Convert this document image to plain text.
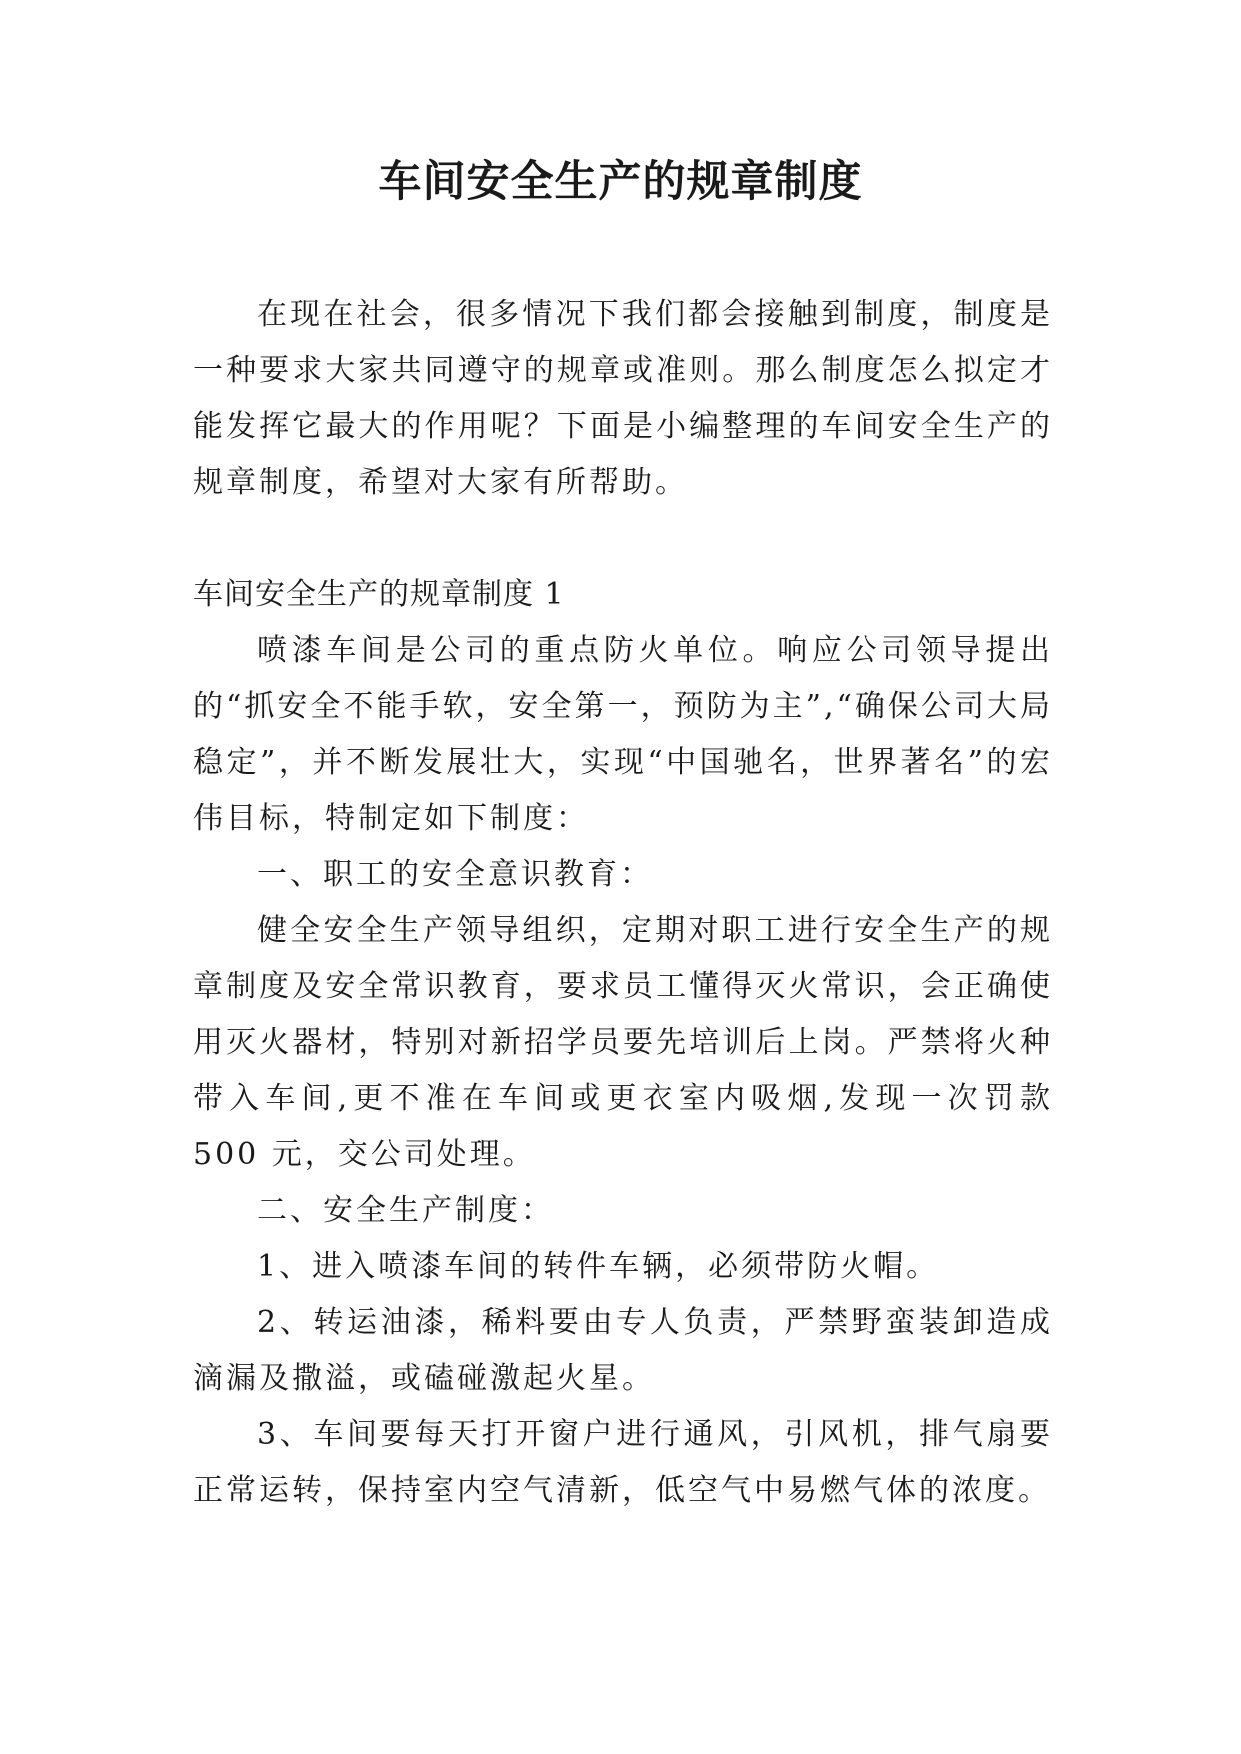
车间安全生产的规章制度

在现在社会，很多情况下我们都会接触到制度，制度是一种要求大家共同遵守的规章或准则。那么制度怎么拟定才能发挥它最大的作用呢？下面是小编整理的车间安全生产的规章制度，希望对大家有所帮助。

车间安全生产的规章制度 1

喷漆车间是公司的重点防火单位。响应公司领导提出的“抓安全不能手软，安全第一，预防为主”,“确保公司大局稳定”，并不断发展壮大，实现“中国驰名，世界著名”的宏伟目标，特制定如下制度：

一、职工的安全意识教育：

健全安全生产领导组织，定期对职工进行安全生产的规章制度及安全常识教育，要求员工懂得灭火常识，会正确使用灭火器材，特别对新招学员要先培训后上岗。严禁将火种带入车间,更不准在车间或更衣室内吸烟,发现一次罚款 500 元，交公司处理。

二、安全生产制度：

1、进入喷漆车间的转件车辆，必须带防火帽。

2、转运油漆，稀料要由专人负责，严禁野蛮装卸造成滴漏及撒溢，或磕碰激起火星。

3、车间要每天打开窗户进行通风，引风机，排气扇要正常运转，保持室内空气清新，低空气中易燃气体的浓度。
